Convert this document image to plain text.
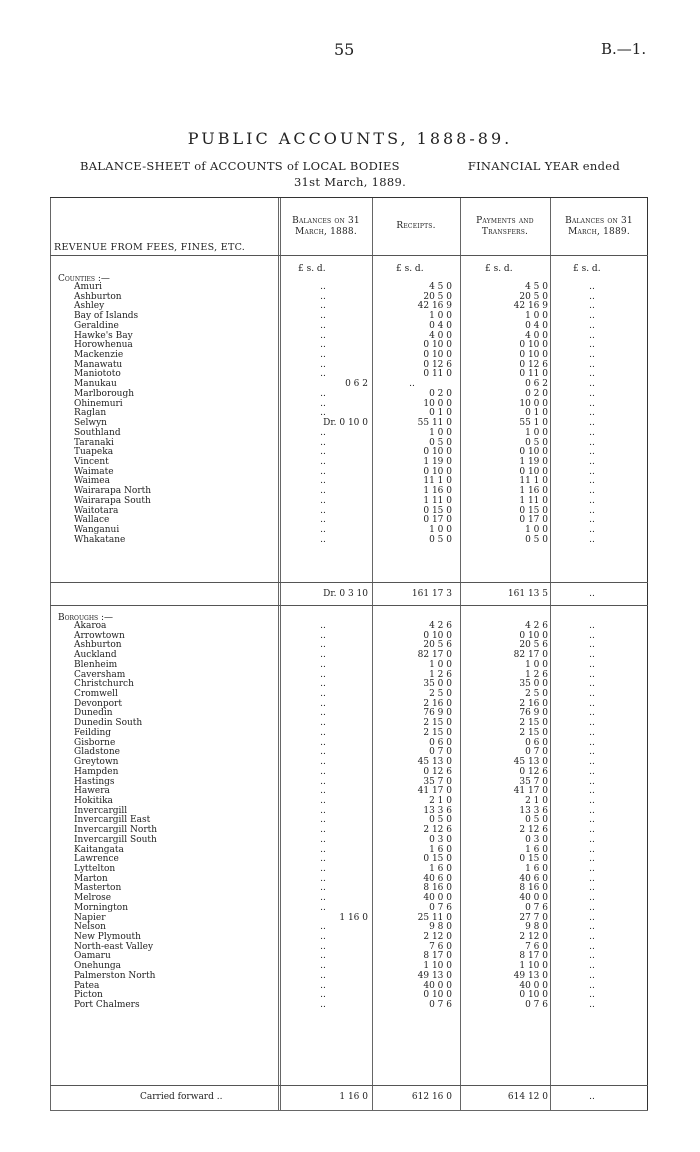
55	B.—1.
PUBLIC ACCOUNTS, 1888-89.
BALANCE-SHEET of ACCOUNTS of LOCAL BODIES	FINANCIAL YEAR ended
31st March, 1889.
REVENUE FROM FEES, FINES, ETC.
Balances on 31 March, 1888.
Receipts.
Payments and Transfers.
Balances on 31 March, 1889.
£ s. d.	£ s. d.	£ s. d.	£ s. d.
Counties :—
Amuri	..	4 5 0	4 5 0	..
Ashburton	..	20 5 0	20 5 0	..
Ashley	..	42 16 9	42 16 9	..
Bay of Islands	..	1 0 0	1 0 0	..
Geraldine	..	0 4 0	0 4 0	..
Hawke's Bay	..	4 0 0	4 0 0	..
Horowhenua	..	0 10 0	0 10 0	..
Mackenzie	..	0 10 0	0 10 0	..
Manawatu	..	0 12 6	0 12 6	..
Maniototo	..	0 11 0	0 11 0	..
Manukau	0 6 2	..	0 6 2	..
Marlborough	..	0 2 0	0 2 0	..
Ohinemuri	..	10 0 0	10 0 0	..
Raglan	..	0 1 0	0 1 0	..
Selwyn	Dr. 0 10 0	55 11 0	55 1 0	..
Southland	..	1 0 0	1 0 0	..
Taranaki	..	0 5 0	0 5 0	..
Tuapeka	..	0 10 0	0 10 0	..
Vincent	..	1 19 0	1 19 0	..
Waimate	..	0 10 0	0 10 0	..
Waimea	..	11 1 0	11 1 0	..
Wairarapa North	..	1 16 0	1 16 0	..
Wairarapa South	..	1 11 0	1 11 0	..
Waitotara	..	0 15 0	0 15 0	..
Wallace	..	0 17 0	0 17 0	..
Wanganui	..	1 0 0	1 0 0	..
Whakatane	..	0 5 0	0 5 0	..
Dr. 0 3 10	161 17 3	161 13 5	..
Boroughs :—
Akaroa	..	4 2 6	4 2 6	..
Arrowtown	..	0 10 0	0 10 0	..
Ashburton	..	20 5 6	20 5 6	..
Auckland	..	82 17 0	82 17 0	..
Blenheim	..	1 0 0	1 0 0	..
Caversham	..	1 2 6	1 2 6	..
Christchurch	..	35 0 0	35 0 0	..
Cromwell	..	2 5 0	2 5 0	..
Devonport	..	2 16 0	2 16 0	..
Dunedin	..	76 9 0	76 9 0	..
Dunedin South	..	2 15 0	2 15 0	..
Feilding	..	2 15 0	2 15 0	..
Gisborne	..	0 6 0	0 6 0	..
Gladstone	..	0 7 0	0 7 0	..
Greytown	..	45 13 0	45 13 0	..
Hampden	..	0 12 6	0 12 6	..
Hastings	..	35 7 0	35 7 0	..
Hawera	..	41 17 0	41 17 0	..
Hokitika	..	2 1 0	2 1 0	..
Invercargill	..	13 3 6	13 3 6	..
Invercargill East	..	0 5 0	0 5 0	..
Invercargill North	..	2 12 6	2 12 6	..
Invercargill South	..	0 3 0	0 3 0	..
Kaitangata	..	1 6 0	1 6 0	..
Lawrence	..	0 15 0	0 15 0	..
Lyttelton	..	1 6 0	1 6 0	..
Marton	..	40 6 0	40 6 0	..
Masterton	..	8 16 0	8 16 0	..
Melrose	..	40 0 0	40 0 0	..
Mornington	..	0 7 6	0 7 6	..
Napier	1 16 0	25 11 0	27 7 0	..
Nelson	..	9 8 0	9 8 0	..
New Plymouth	..	2 12 0	2 12 0	..
North-east Valley	..	7 6 0	7 6 0	..
Oamaru	..	8 17 0	8 17 0	..
Onehunga	..	1 10 0	1 10 0	..
Palmerston North	..	49 13 0	49 13 0	..
Patea	..	40 0 0	40 0 0	..
Picton	..	0 10 0	0 10 0	..
Port Chalmers	..	0 7 6	0 7 6	..
Carried forward ..	1 16 0	612 16 0	614 12 0	..
